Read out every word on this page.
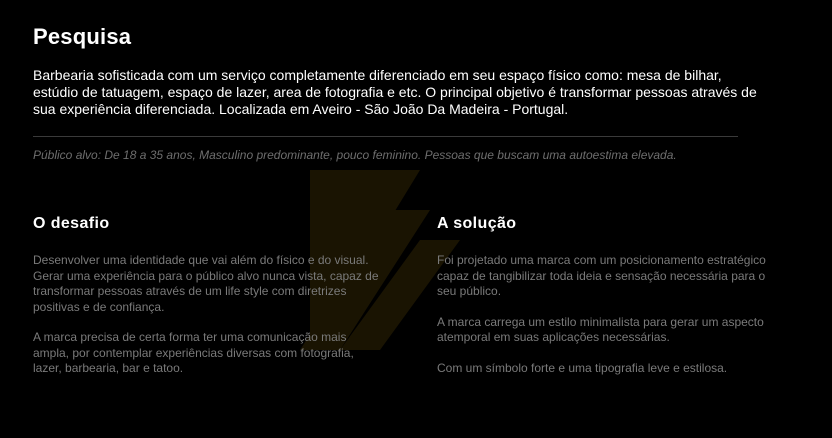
Pesquisa

Barbearia sofisticada com um serviço completamente diferenciado em seu espaço físico como: mesa de bilhar, estúdio de tatuagem, espaço de lazer, area de fotografia e etc. O principal objetivo é transformar pessoas através de sua experiência diferenciada. Localizada em Aveiro - São João Da Madeira - Portugal.

Público alvo: De 18 a 35 anos, Masculino predominante, pouco feminino. Pessoas que buscam uma autoestima elevada.

O desafio

Desenvolver uma identidade que vai além do físico e do visual. Gerar uma experiência para o público alvo nunca vista, capaz de transformar pessoas através de um life style com diretrizes positivas e de confiança.

A marca precisa de certa forma ter uma comunicação mais ampla, por contemplar experiências diversas com fotografia, lazer, barbearia, bar e tatoo.

A solução

Foi projetado uma marca com um posicionamento estratégico capaz de tangibilizar toda ideia e sensação necessária para o seu público.

A marca carrega um estilo minimalista para gerar um aspecto atemporal em suas aplicações necessárias.

Com um símbolo forte e uma tipografia leve e estilosa.
